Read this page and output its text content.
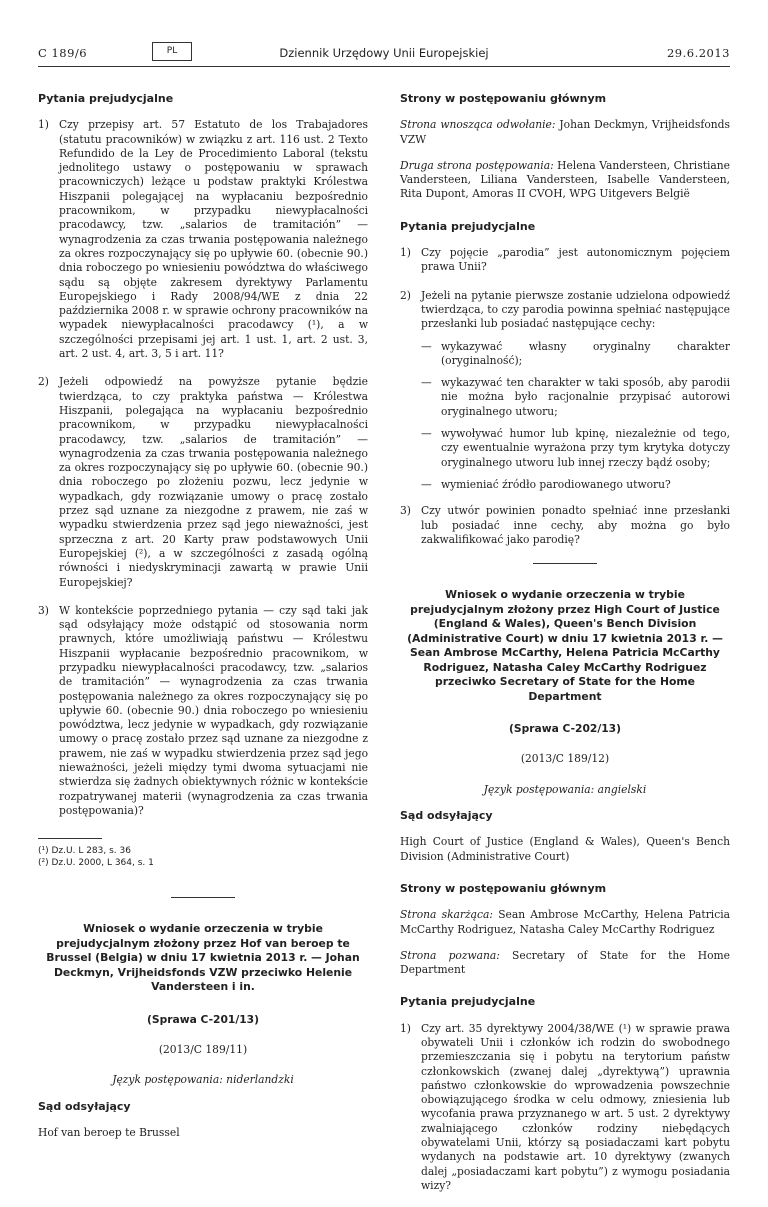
C 189/6	PL	Dziennik Urzędowy Unii Europejskiej	29.6.2013
Pytania prejudycjalne
1) Czy przepisy art. 57 Estatuto de los Trabajadores (statutu pracowników) w związku z art. 116 ust. 2 Texto Refundido de la Ley de Procedimiento Laboral (tekstu jednolitego ustawy o postępowaniu w sprawach pracowniczych) leżące u podstaw praktyki Królestwa Hiszpanii polegającej na wypłacaniu bezpośrednio pracownikom, w przypadku niewypłacalności pracodawcy, tzw. „salarios de tramitación” — wynagrodzenia za czas trwania postępowania należnego za okres rozpoczynający się po upływie 60. (obecnie 90.) dnia roboczego po wniesieniu powództwa do właściwego sądu są objęte zakresem dyrektywy Parlamentu Europejskiego i Rady 2008/94/WE z dnia 22 października 2008 r. w sprawie ochrony pracowników na wypadek niewypłacalności pracodawcy (¹), a w szczególności przepisami jej art. 1 ust. 1, art. 2 ust. 3, art. 2 ust. 4, art. 3, 5 i art. 11?
2) Jeżeli odpowiedź na powyższe pytanie będzie twierdząca, to czy praktyka państwa — Królestwa Hiszpanii, polegająca na wypłacaniu bezpośrednio pracownikom, w przypadku niewypłacalności pracodawcy, tzw. „salarios de tramitación” — wynagrodzenia za czas trwania postępowania należnego za okres rozpoczynający się po upływie 60. (obecnie 90.) dnia roboczego po złożeniu pozwu, lecz jedynie w wypadkach, gdy rozwiązanie umowy o pracę zostało przez sąd uznane za niezgodne z prawem, nie zaś w wypadku stwierdzenia przez sąd jego nieważności, jest sprzeczna z art. 20 Karty praw podstawowych Unii Europejskiej (²), a w szczególności z zasadą ogólną równości i niedyskryminacji zawartą w prawie Unii Europejskiej?
3) W kontekście poprzedniego pytania — czy sąd taki jak sąd odsyłający może odstąpić od stosowania norm prawnych, które umożliwiają państwu — Królestwu Hiszpanii wypłacanie bezpośrednio pracownikom, w przypadku niewypłacalności pracodawcy, tzw. „salarios de tramitación” — wynagrodzenia za czas trwania postępowania należnego za okres rozpoczynający się po upływie 60. (obecnie 90.) dnia roboczego po wniesieniu powództwa, lecz jedynie w wypadkach, gdy rozwiązanie umowy o pracę zostało przez sąd uznane za niezgodne z prawem, nie zaś w wypadku stwierdzenia przez sąd jego nieważności, jeżeli między tymi dwoma sytuacjami nie stwierdza się żadnych obiektywnych różnic w kontekście rozpatrywanej materii (wynagrodzenia za czas trwania postępowania)?
(¹) Dz.U. L 283, s. 36
(²) Dz.U. 2000, L 364, s. 1
Wniosek o wydanie orzeczenia w trybie prejudycjalnym złożony przez Hof van beroep te Brussel (Belgia) w dniu 17 kwietnia 2013 r. — Johan Deckmyn, Vrijheidsfonds VZW przeciwko Helenie Vandersteen i in.
(Sprawa C-201/13)
(2013/C 189/11)

Język postępowania: niderlandzki

Sąd odsyłający

Hof van beroep te Brussel

Strony w postępowaniu głównym

Strona wnosząca odwołanie: Johan Deckmyn, Vrijheidsfonds VZW

Druga strona postępowania: Helena Vandersteen, Christiane Vandersteen, Liliana Vandersteen, Isabelle Vandersteen, Rita Dupont, Amoras II CVOH, WPG Uitgevers België

Pytania prejudycjalne
1) Czy pojęcie „parodia” jest autonomicznym pojęciem prawa Unii?
2) Jeżeli na pytanie pierwsze zostanie udzielona odpowiedź twierdząca, to czy parodia powinna spełniać następujące przesłanki lub posiadać następujące cechy:
— wykazywać własny oryginalny charakter (oryginalność);
— wykazywać ten charakter w taki sposób, aby parodii nie można było racjonalnie przypisać autorowi oryginalnego utworu;
— wywoływać humor lub kpinę, niezależnie od tego, czy ewentualnie wyrażona przy tym krytyka dotyczy oryginalnego utworu lub innej rzeczy bądź osoby;
— wymieniać źródło parodiowanego utworu?
3) Czy utwór powinien ponadto spełniać inne przesłanki lub posiadać inne cechy, aby można go było zakwalifikować jako parodię?
Wniosek o wydanie orzeczenia w trybie prejudycjalnym złożony przez High Court of Justice (England & Wales), Queen's Bench Division (Administrative Court) w dniu 17 kwietnia 2013 r. — Sean Ambrose McCarthy, Helena Patricia McCarthy Rodriguez, Natasha Caley McCarthy Rodriguez przeciwko Secretary of State for the Home Department
(Sprawa C-202/13)
(2013/C 189/12)

Język postępowania: angielski

Sąd odsyłający

High Court of Justice (England & Wales), Queen's Bench Division (Administrative Court)

Strony w postępowaniu głównym

Strona skarżąca: Sean Ambrose McCarthy, Helena Patricia McCarthy Rodriguez, Natasha Caley McCarthy Rodriguez

Strona pozwana: Secretary of State for the Home Department

Pytania prejudycjalne
1) Czy art. 35 dyrektywy 2004/38/WE (¹) w sprawie prawa obywateli Unii i członków ich rodzin do swobodnego przemieszczania się i pobytu na terytorium państw członkowskich (zwanej dalej „dyrektywą”) uprawnia państwo członkowskie do wprowadzenia powszechnie obowiązującego środka w celu odmowy, zniesienia lub wycofania prawa przyznanego w art. 5 ust. 2 dyrektywy zwalniającego członków rodziny niebędących obywatelami Unii, którzy są posiadaczami kart pobytu wydanych na podstawie art. 10 dyrektywy (zwanych dalej „posiadaczami kart pobytu”) z wymogu posiadania wizy?
